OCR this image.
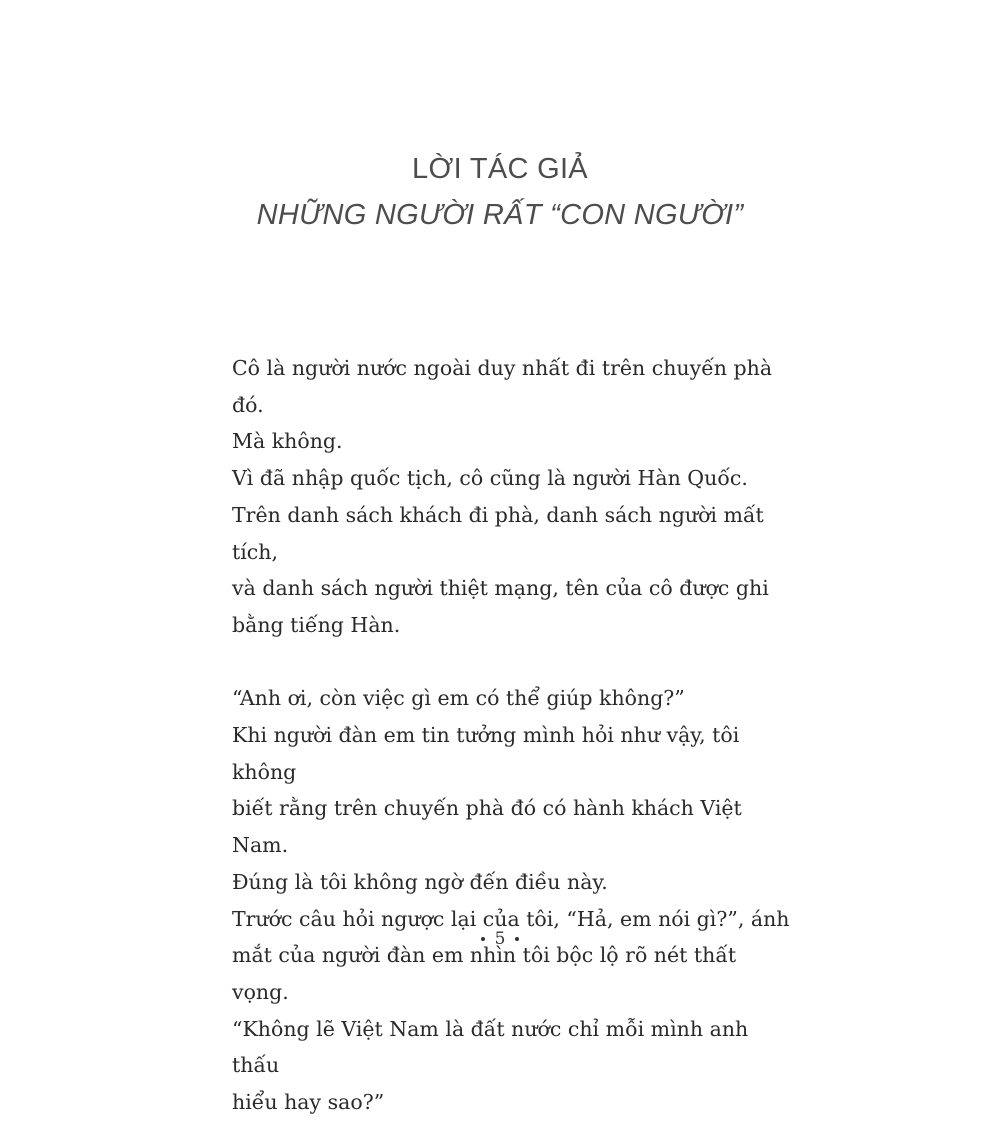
LỜI TÁC GIẢ
NHỮNG NGƯỜI RẤT “CON NGƯỜI”

Cô là người nước ngoài duy nhất đi trên chuyến phà đó.

Mà không.

Vì đã nhập quốc tịch, cô cũng là người Hàn Quốc.

Trên danh sách khách đi phà, danh sách người mất tích,

và danh sách người thiệt mạng, tên của cô được ghi

bằng tiếng Hàn.

“Anh ơi, còn việc gì em có thể giúp không?”

Khi người đàn em tin tưởng mình hỏi như vậy, tôi không

biết rằng trên chuyến phà đó có hành khách Việt Nam.

Đúng là tôi không ngờ đến điều này.

Trước câu hỏi ngược lại của tôi, “Hả, em nói gì?”, ánh

mắt của người đàn em nhìn tôi bộc lộ rõ nét thất vọng.

“Không lẽ Việt Nam là đất nước chỉ mỗi mình anh thấu

hiểu hay sao?”

5
